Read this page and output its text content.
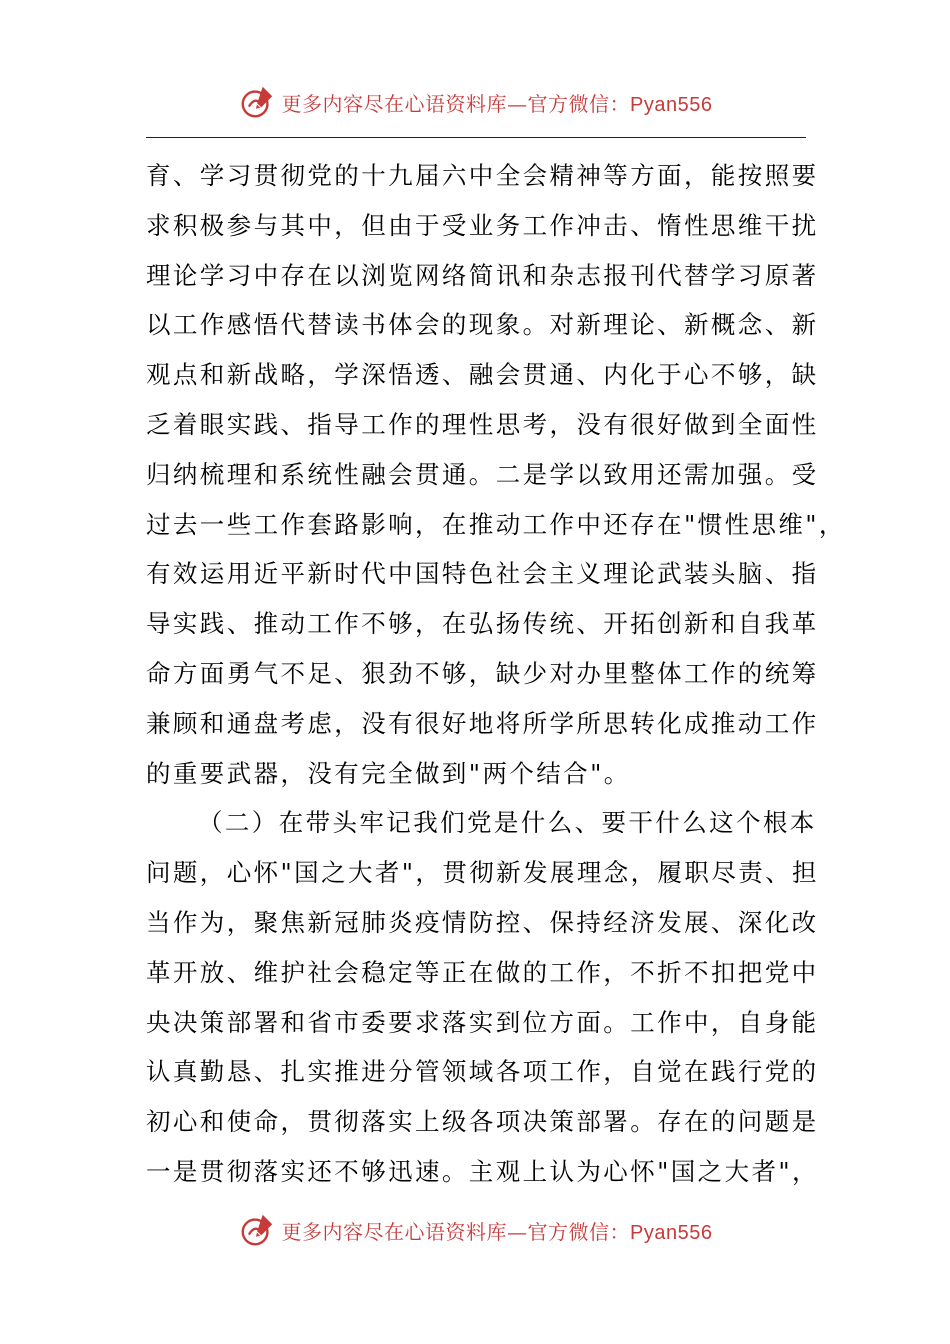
更多内容尽在心语资料库—官方微信：Pyan556
育、学习贯彻党的十九届六中全会精神等方面，能按照要
求积极参与其中，但由于受业务工作冲击、惰性思维干扰
理论学习中存在以浏览网络简讯和杂志报刊代替学习原著
以工作感悟代替读书体会的现象。对新理论、新概念、新
观点和新战略，学深悟透、融会贯通、内化于心不够，缺
乏着眼实践、指导工作的理性思考，没有很好做到全面性
归纳梳理和系统性融会贯通。二是学以致用还需加强。受
过去一些工作套路影响，在推动工作中还存在"惯性思维"，
有效运用近平新时代中国特色社会主义理论武装头脑、指
导实践、推动工作不够，在弘扬传统、开拓创新和自我革
命方面勇气不足、狠劲不够，缺少对办里整体工作的统筹
兼顾和通盘考虑，没有很好地将所学所思转化成推动工作
的重要武器，没有完全做到"两个结合"。
（二）在带头牢记我们党是什么、要干什么这个根本
问题，心怀"国之大者"，贯彻新发展理念，履职尽责、担
当作为，聚焦新冠肺炎疫情防控、保持经济发展、深化改
革开放、维护社会稳定等正在做的工作，不折不扣把党中
央决策部署和省市委要求落实到位方面。工作中，自身能
认真勤恳、扎实推进分管领域各项工作，自觉在践行党的
初心和使命，贯彻落实上级各项决策部署。存在的问题是
一是贯彻落实还不够迅速。主观上认为心怀"国之大者"，
更多内容尽在心语资料库—官方微信：Pyan556
